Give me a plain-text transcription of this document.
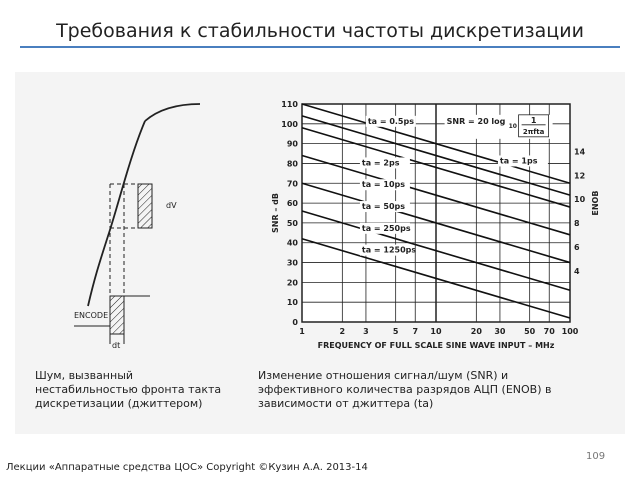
Требования к стабильности частоты дискретизации
dV
ENCODE
dt
Шум, вызванный
нестабильностью фронта такта
дискретизации (джиттером)
1	2 3	5 7 10	20 30 50 70 100
0
10
20
30
40
50
60
70
80
90
100
110
4
6
8
10
12
14
FREQUENCY OF FULL SCALE SINE WAVE INPUT – MHz
SNR – dB	ENOB
ta = 0.5ps
ta = 1ps
ta = 2ps
ta = 10ps
ta = 50ps
ta = 250ps
ta = 1250ps
SNR = 20 log
10
1
2πfta
Изменение отношения сигнал/шум (SNR) и
эффективного количества разрядов АЦП (ENOB) в
зависимости от джиттера (ta)
Лекции «Аппаратные средства ЦОС» Copyright ©Кузин А.А. 2013-14
109
